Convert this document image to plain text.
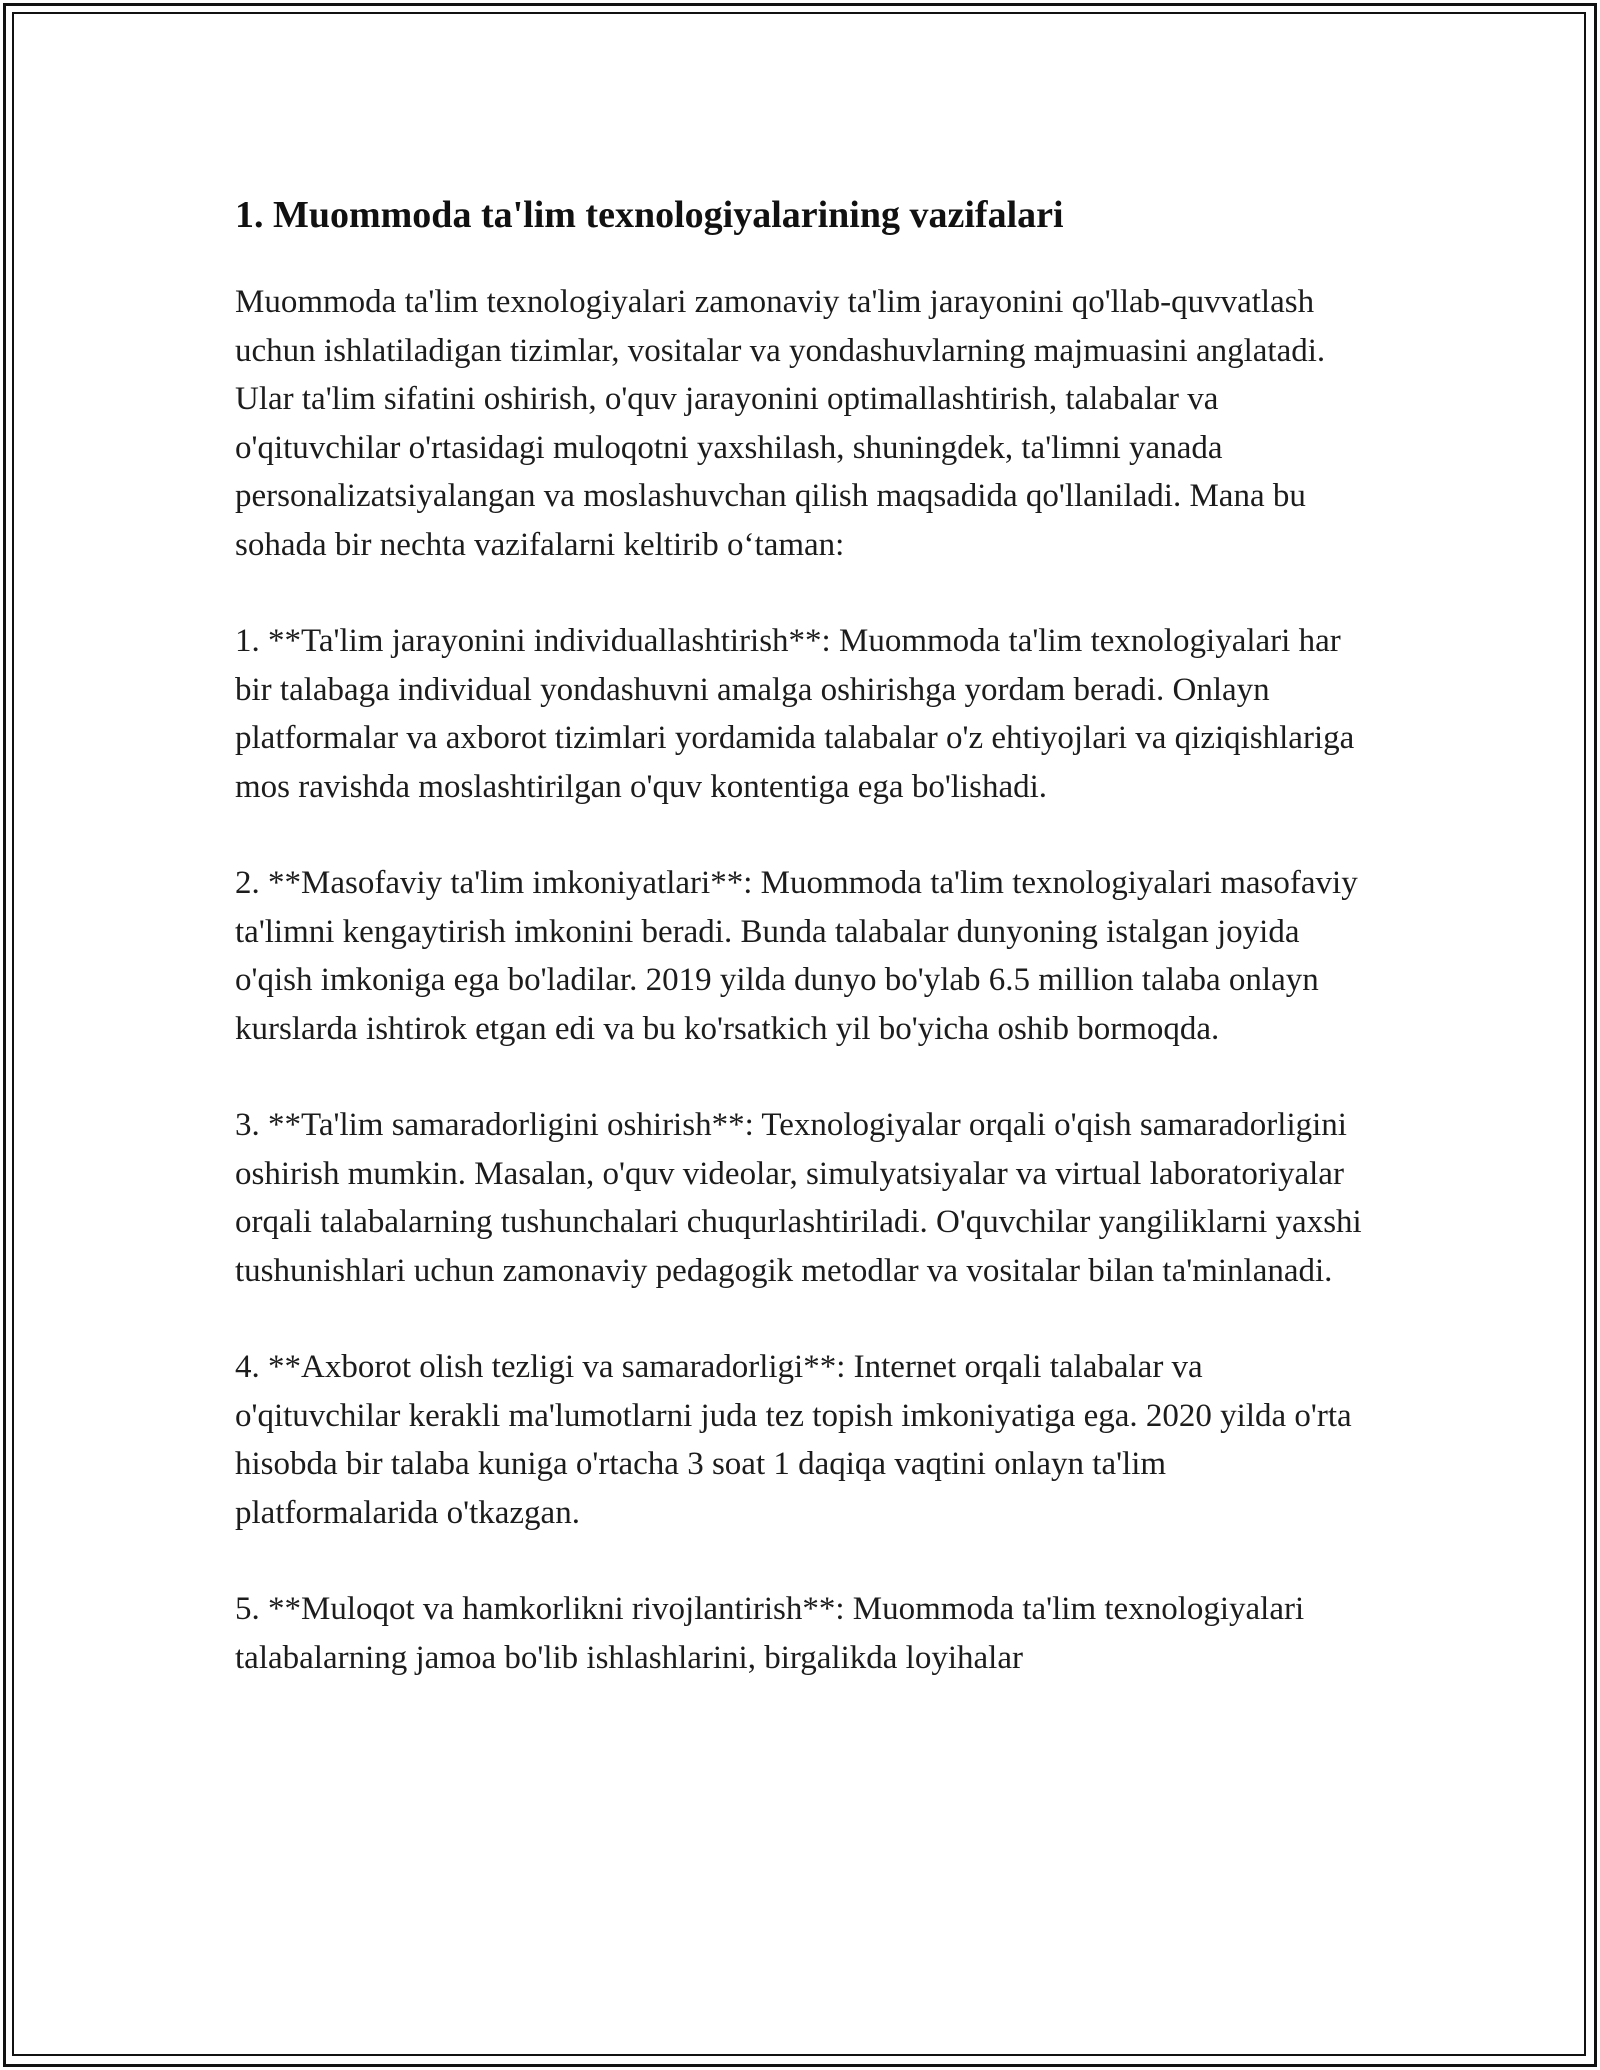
1. Muommoda ta'lim texnologiyalarining vazifalari

Muommoda ta'lim texnologiyalari zamonaviy ta'lim jarayonini qo'llab-quvvatlash uchun ishlatiladigan tizimlar, vositalar va yondashuvlarning majmuasini anglatadi. Ular ta'lim sifatini oshirish, o'quv jarayonini optimallashtirish, talabalar va o'qituvchilar o'rtasidagi muloqotni yaxshilash, shuningdek, ta'limni yanada personalizatsiyalangan va moslashuvchan qilish maqsadida qo'llaniladi. Mana bu sohada bir nechta vazifalarni keltirib o‘taman:

1. **Ta'lim jarayonini individuallashtirish**: Muommoda ta'lim texnologiyalari har bir talabaga individual yondashuvni amalga oshirishga yordam beradi. Onlayn platformalar va axborot tizimlari yordamida talabalar o'z ehtiyojlari va qiziqishlariga mos ravishda moslashtirilgan o'quv kontentiga ega bo'lishadi.

2. **Masofaviy ta'lim imkoniyatlari**: Muommoda ta'lim texnologiyalari masofaviy ta'limni kengaytirish imkonini beradi. Bunda talabalar dunyoning istalgan joyida o'qish imkoniga ega bo'ladilar. 2019 yilda dunyo bo'ylab 6.5 million talaba onlayn kurslarda ishtirok etgan edi va bu ko'rsatkich yil bo'yicha oshib bormoqda.

3. **Ta'lim samaradorligini oshirish**: Texnologiyalar orqali o'qish samaradorligini oshirish mumkin. Masalan, o'quv videolar, simulyatsiyalar va virtual laboratoriyalar orqali talabalarning tushunchalari chuqurlashtiriladi. O'quvchilar yangiliklarni yaxshi tushunishlari uchun zamonaviy pedagogik metodlar va vositalar bilan ta'minlanadi.

4. **Axborot olish tezligi va samaradorligi**: Internet orqali talabalar va o'qituvchilar kerakli ma'lumotlarni juda tez topish imkoniyatiga ega. 2020 yilda o'rta hisobda bir talaba kuniga o'rtacha 3 soat 1 daqiqa vaqtini onlayn ta'lim platformalarida o'tkazgan.

5. **Muloqot va hamkorlikni rivojlantirish**: Muommoda ta'lim texnologiyalari talabalarning jamoa bo'lib ishlashlarini, birgalikda loyihalar
